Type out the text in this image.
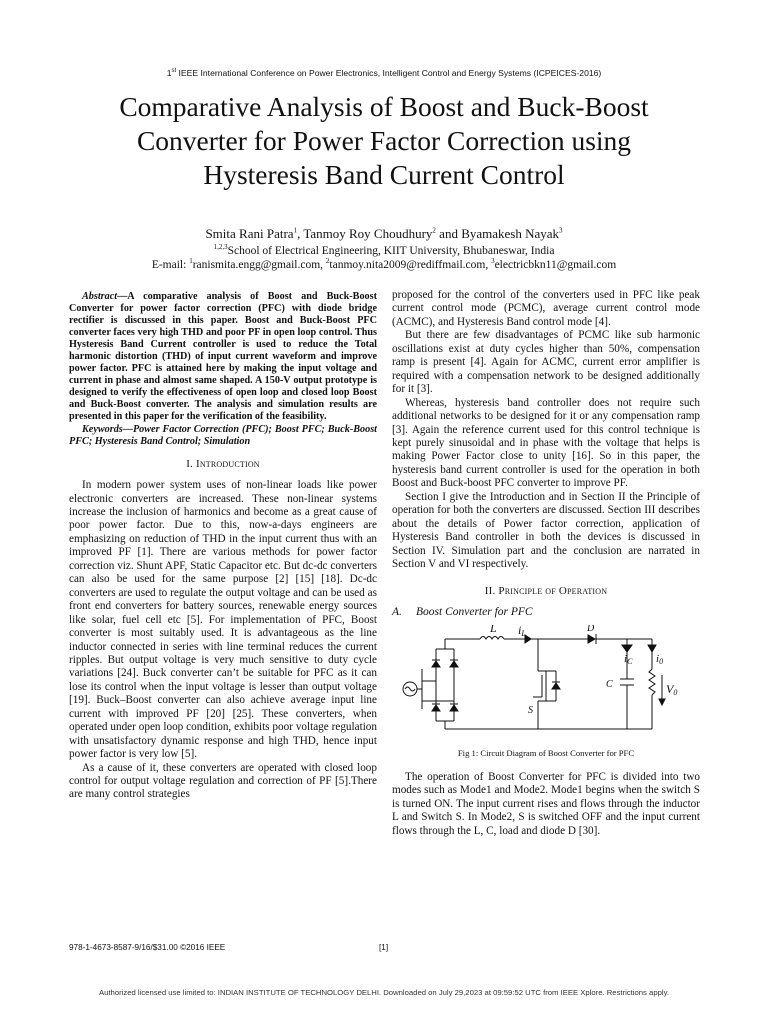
1st IEEE International Conference on Power Electronics, Intelligent Control and Energy Systems (ICPEICES-2016)
Comparative Analysis of Boost and Buck-Boost
Converter for Power Factor Correction using
Hysteresis Band Current Control
Smita Rani Patra$^1$, Tanmoy Roy Choudhury$^2$ and Byamakesh Nayak$^3$
$^{1,2,3}$School of Electrical Engineering, KIIT University, Bhubaneswar, India
E-mail: $^1$ranismita.engg@gmail.com, $^2$tanmoy.nita2009@rediffmail.com, $^3$electricbkn11@gmail.com

Abstract—A comparative analysis of Boost and Buck-Boost Converter for power factor correction (PFC) with diode bridge rectifier is discussed in this paper. Boost and Buck-Boost PFC converter faces very high THD and poor PF in open loop control. Thus Hysteresis Band Current controller is used to reduce the Total harmonic distortion (THD) of input current waveform and improve power factor. PFC is attained here by making the input voltage and current in phase and almost same shaped. A 150-V output prototype is designed to verify the effectiveness of open loop and closed loop Boost and Buck-Boost converter. The analysis and simulation results are presented in this paper for the verification of the feasibility.

Keywords—Power Factor Correction (PFC); Boost PFC; Buck-Boost PFC; Hysteresis Band Control; Simulation

I. Introduction

In modern power system uses of non-linear loads like power electronic converters are increased. These non-linear systems increase the inclusion of harmonics and become as a great cause of poor power factor. Due to this, now-a-days engineers are emphasizing on reduction of THD in the input current thus with an improved PF [1]. There are various methods for power factor correction viz. Shunt APF, Static Capacitor etc. But dc-dc converters can also be used for the same purpose [2] [15] [18]. Dc-dc converters are used to regulate the output voltage and can be used as front end converters for battery sources, renewable energy sources like solar, fuel cell etc [5]. For implementation of PFC, Boost converter is most suitably used. It is advantageous as the line inductor connected in series with line terminal reduces the current ripples. But output voltage is very much sensitive to duty cycle variations [24]. Buck converter can’t be suitable for PFC as it can lose its control when the input voltage is lesser than output voltage [19]. Buck–Boost converter can also achieve average input line current with improved PF [20] [25]. These converters, when operated under open loop condition, exhibits poor voltage regulation with unsatisfactory dynamic response and high THD, hence input power factor is very low [5].

As a cause of it, these converters are operated with closed loop control for output voltage regulation and correction of PF [5].There are many control strategies

proposed for the control of the converters used in PFC like peak current control mode (PCMC), average current control mode (ACMC), and Hysteresis Band control mode [4].

But there are few disadvantages of PCMC like sub harmonic oscillations exist at duty cycles higher than 50%, compensation ramp is present [4]. Again for ACMC, current error amplifier is required with a compensation network to be designed additionally for it [3].

Whereas, hysteresis band controller does not require such additional networks to be designed for it or any compensation ramp [3]. Again the reference current used for this control technique is kept purely sinusoidal and in phase with the voltage that helps is making Power Factor close to unity [16]. So in this paper, the hysteresis band current controller is used for the operation in both Boost and Buck-boost PFC converter to improve PF.

Section I give the Introduction and in Section II the Principle of operation for both the converters are discussed. Section III describes about the details of Power factor correction, application of Hysteresis Band controller in both the devices is discussed in Section IV. Simulation part and the conclusion are narrated in Section V and VI respectively.

II. Principle of Operation
A. Boost Converter for PFC
L iL	D
iC i0
C	V0
S
Fig 1: Circuit Diagram of Boost Converter for PFC

The operation of Boost Converter for PFC is divided into two modes such as Mode1 and Mode2. Mode1 begins when the switch S is turned ON. The input current rises and flows through the inductor L and Switch S. In Mode2, S is switched OFF and the input current flows through the L, C, load and diode D [30].

978-1-4673-8587-9/16/$31.00 ©2016 IEEE	[1]
Authorized licensed use limited to: INDIAN INSTITUTE OF TECHNOLOGY DELHI. Downloaded on July 29,2023 at 09:59:52 UTC from IEEE Xplore. Restrictions apply.
